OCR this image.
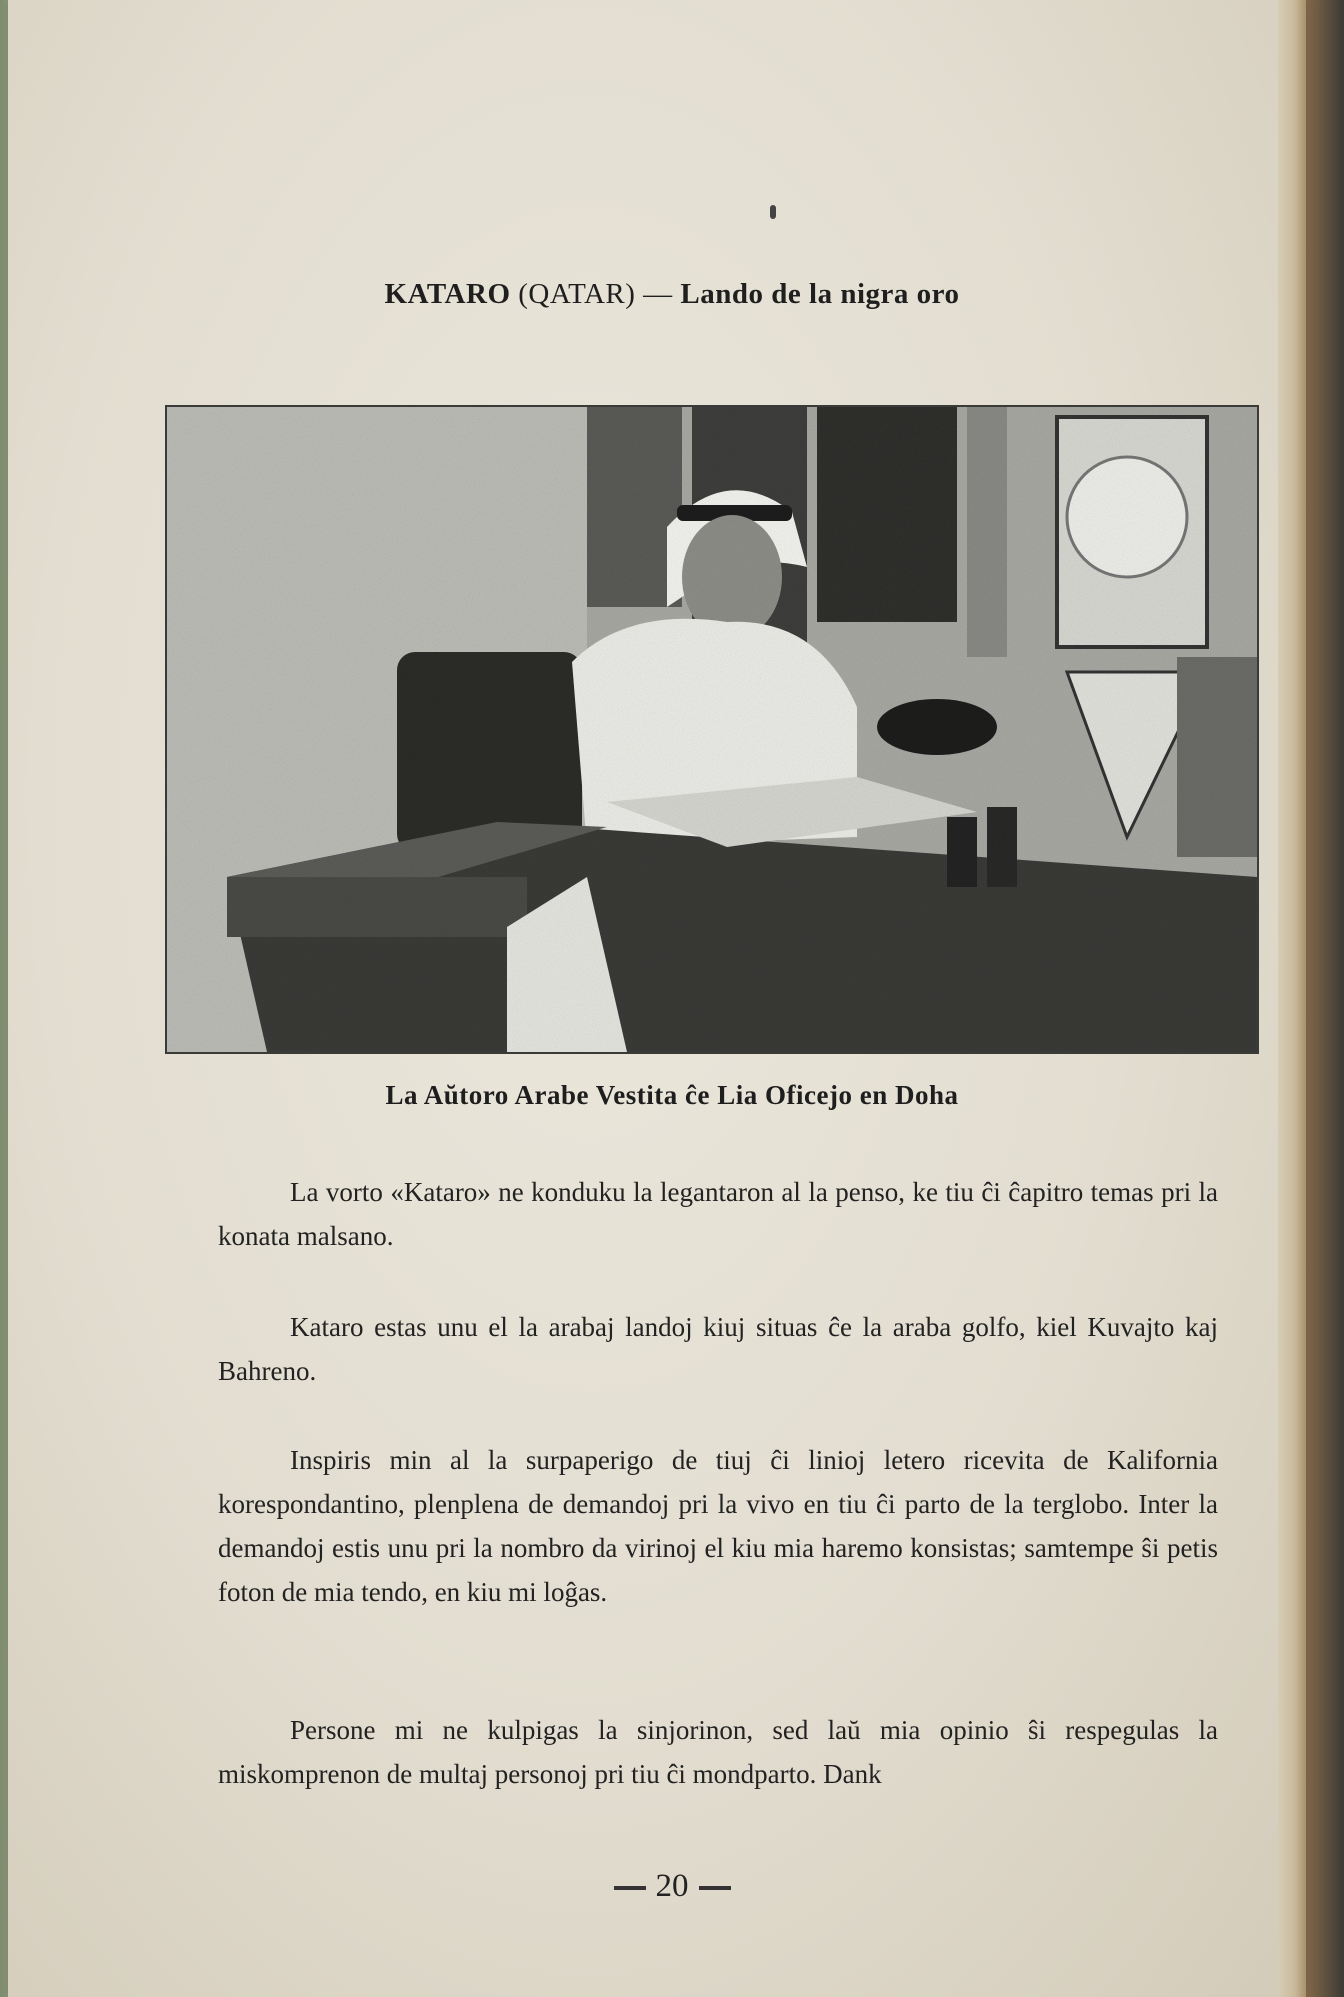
KATARO (QATAR) — Lando de la nigra oro
La Aŭtoro Arabe Vestita ĉe Lia Oficejo en Doha

La vorto «Kataro» ne konduku la legantaron al la penso, ke tiu ĉi ĉapitro temas pri la konata malsano.

Kataro estas unu el la arabaj landoj kiuj situas ĉe la araba golfo, kiel Kuvajto kaj Bahreno.

Inspiris min al la surpaperigo de tiuj ĉi linioj letero ricevita de Kalifornia korespondantino, plenplena de demandoj pri la vivo en tiu ĉi parto de la terglobo. Inter la demandoj estis unu pri la nombro da virinoj el kiu mia haremo konsistas; samtempe ŝi petis foton de mia tendo, en kiu mi loĝas.

Persone mi ne kulpigas la sinjorinon, sed laŭ mia opinio ŝi respegulas la miskomprenon de multaj personoj pri tiu ĉi mondparto. Dank

20
